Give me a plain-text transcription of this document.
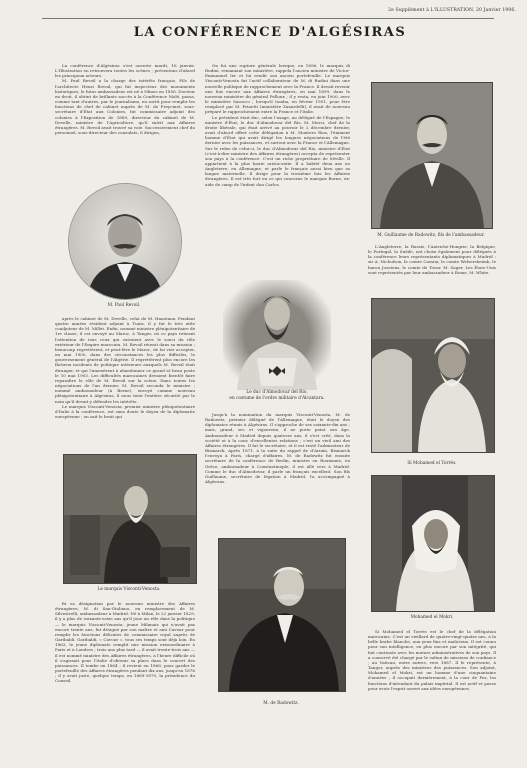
2e Supplément à L'ILLUSTRATION, 20 Janvier 1906.
LA CONFÉRENCE D'ALGÉSIRAS

La conférence d'Algésiras s'est ouverte mardi, 16 janvier. L'Illustration en retrouvera toutes les scènes ; présentons d'abord les principaux acteurs.

M. Paul Revoil a la charge des intérêts français. Fils de l'architecte Henri Revoil, qui fut inspecteur des monuments historiques, le futur ambassadeur est né à Nîmes en 1856. Docteur en droit, il obtint de brillants succès à la Conférence Molé, passa, comme tant d'autres, par le journalisme, en sortit pour remplir les fonctions de chef de cabinet auprès de M. de Freycinet, sous-secrétaire d'État aux Colonies, fut commissaire adjoint des colonies à l'Exposition de 1889, directeur du cabinet de M. Develle, ministre de l'Agriculture, qu'il suivit aux Affaires étrangères. M. Revoil avait trouvé sa voie. Successivement chef du personnel, sous-directeur des consulats, il dirigea,

M. Paul Revoil.

après le cabinet de M. Develle, celui de M. Hanotaux. Pendant quatre années résident adjoint à Tunis, il y fut le très utile coadjuteur de M. Millet. Enfin, nommé ministre plénipotentiaire de 1re classe, il est envoyé au Maroc, à Tanger, où ce pays retirant l'attention de tous ceux qui suivaient avec le souci du rôle extérieur de l'Empire marocain. M. Revoil réussit dans sa mission ; beaucoup regrettèrent, et peut-être le Maroc, de lui voir accepter, en mai 1900, dans des circonstances les plus difficiles, le gouvernement général de l'Algérie. Il regrettèrent plus encore les fâcheux incidents de politique intérieure auxquels M. Revoil était étranger, et qui l'amenèrent à abandonner ce grand et beau poste le 10 mai 1903. Les difficultés marocaines devaient bientôt faire reparaître le rôle de M. Revoil sur la scène. Dans toutes les négociations de l'an dernier, M. Revoil seconda le ministre ; nommé ambassadeur (à Berne), envoyé comme nouveau plénipotentiaire à Algésiras, il nous tient l'entière sécurité par le nom qu'il devait y défendre les intérêts.

Le marquis Visconti-Venosta, premier ministre plénipotentiaire d'Italie à la conférence, est sans doute le doyen de la diplomatie européenne ; on sait le bruit qui

Le marquis Visconti-Venosta.

fit sa désignation par le nouveau ministre des Affaires étrangères, M. di San-Giuliano, en remplacement de M. Silvestrelli, ambassadeur à Madrid. Né à Milan, le 22 janvier 1829, il y a plus de soixante-seize ans qu'il joue un rôle dans la politique — le marquis Visconti-Venosta, jeune Milanais qui n'avait pas encore trente ans, fut désigné par son maître et ami Cavour pour remplir les fonctions délicates de commissaire royal auprès de Garibaldi. Garibaldi, « Cavour », tous ses temps sont déjà loin. En 1863, le jeune diplomate remplit une mission extraordinaire à Paris et à Londres ; trois ans plus tard — il avait trente-trois ans — il est nommé ministre des Affaires étrangères, à l'heure difficile où il s'agissait pour l'Italie d'obtenir sa place dans le concert des puissances. Il tombe en 1864 ; il revient en 1866, pour garder le portefeuille des Affaires étrangères pendant dix ans, jusqu'en 1876 ; il y avait juste, quelque temps, en 1869-1870, la présidence du Conseil.

On fut une rupture générale lorsque, en 1896, le marquis di Rudini, remaniant son ministère, rappela l'ancien ministre de Victor-Emmanuel Ier et lui rendit son ancien portefeuille. Le marquis Visconti-Venosta fut l'actif collaborateur de M. di Rudini dans une nouvelle politique de rapprochement avec la France. Il devait revenir une fois encore aux Affaires étrangères, en mai 1899, dans le nouveau ministère du général Pelloux ; il y resta, en juin 1900, avec le ministère Saracco ; lorsqu'il tomba, en février 1901, pour être remplacé par M. Prinetti (ministère Zanardelli), il avait de nouveau préparé le rapprochement entre la France et l'Italie.

Le président était duc, selon l'usage, au délégué de l'Espagne, le ministre d'État, le duc d'Almodovar del Rio. M. Merci, chef de la droite libérale, qui était arrivé au pouvoir le 2 décembre dernier, avait d'abord offert cette délégation à M. Montero Rios, l'éminent homme d'État qui avait dirigé les longues négociations de l'été dernier avec les puissances, et surtout avec la France et l'Allemagne. Sur le refus de celui-ci, le duc d'Almodovar del Rio, ministre d'État (c'est-à-dire ministre des Affaires étrangères) accepta de représenter son pays à la conférence. C'est un riche propriétaire de Séville. Il appartient à la plus haute aristocratie. Il a habité deux ans en Angleterre, en Allemagne, et parle le français aussi bien que sa langue maternelle. Il dirige pour la troisième fois les Affaires étrangères. Il est très fort en ce qui concerne le marquis Borne, ex-aide de camp de l'infant don Carlos.

Le duc d'Almodovar del Rio,
en costume de l'ordre militaire d'Alcantara.

Jusqu'à la nomination du marquis Visconti-Venosta, M. de Radowitz, premier délégué de l'Allemagne, était le doyen des diplomates réunis à Algésiras. Il s'approche de ses soixante-dix ans ; mais, grand, sec et vigoureux, il ne porte point son âge. Ambassadeur à Madrid depuis quatorze ans, il s'est créé, dans la société et à la cour, d'excellentes relations ; c'est un vieil ami des Affaires étrangères. Il fut le secrétaire, et il est resté l'admirateur de Bismarck. Après 1871, à la suite du rappel de d'Arnim, Bismarck l'envoya à Paris, chargé d'affaires. M. de Radowitz fut ensuite secrétaire de la conférence de Berlin, ministre en Roumanie, en Grèce, ambassadeur à Constantinople, il est allé vers à Madrid. Comme le duc d'Almodovar, il parle un français excellent. Son fils Guillaume, secrétaire de légation à Madrid, l'a accompagné à Algésiras.

M. de Radowitz.
M. Guillaume de Radowitz, fils de l'ambassadeur.

L'Angleterre, la Russie, l'Autriche-Hongrie, la Belgique, le Portugal, la Suède, ont choisi également pour délégués à la conférence leurs représentants diplomatiques à Madrid : sir A. Nicholson, le comte Cassini, le comte Welsersheimb, le baron Joostens, le comte de Tovar. M. Sager. Les États-Unis sont représentés par leur ambassadeur à Rome, M. White.

Si Mohamed el Torrès.
Mohamed el Mokri.

Si Mohamed el Torrès est le chef de la délégation marocaine. C'est un vieillard de quatre-vingt-quatre ans, à la belle barbe blanche, aux yeux fins et malicieux. Il est connu pour son intelligence, en plus encore par son intégrité, qui fait contraste avec les mœurs administratives de son pays. Il a conservé été chargé par le sultan de missions de confiance ; au Vatican, entre autres, vers 1887. Il le représente, à Tanger, auprès des ministres des puissances. Son adjoint, Mohamed el Mokri, est un homme d'une cinquantaine d'années ; il occupait dernièrement, à la cour de Fez, les fonctions d'intendant du palais impérial. Il est actif et passe pour avoir l'esprit ouvert aux idées européennes.
